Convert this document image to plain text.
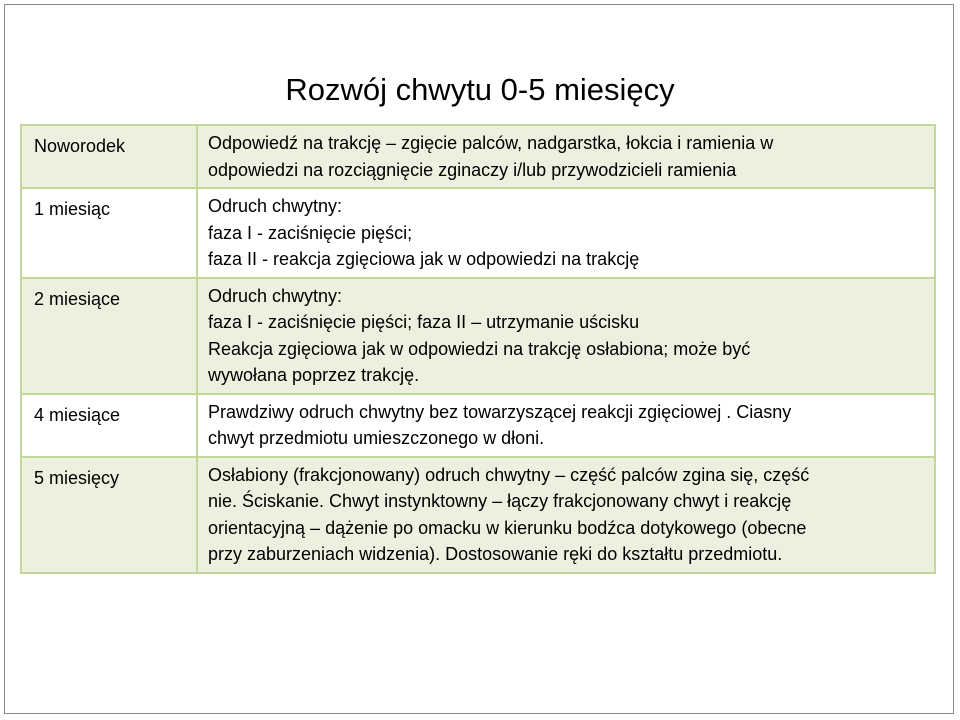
Rozwój chwytu 0-5 miesięcy
Noworodek	Odpowiedź na trakcję – zgięcie palców, nadgarstka, łokcia i ramienia w
odpowiedzi na rozciągnięcie zginaczy i/lub przywodzicieli ramienia

1 miesiąc	Odruch chwytny:
faza I - zaciśnięcie pięści;
faza II - reakcja zgięciowa jak w odpowiedzi na trakcję

2 miesiące	Odruch chwytny:
faza I - zaciśnięcie pięści; faza II – utrzymanie uścisku
Reakcja zgięciowa jak w odpowiedzi na trakcję osłabiona; może być
wywołana poprzez trakcję.

4 miesiące	Prawdziwy odruch chwytny bez towarzyszącej reakcji zgięciowej . Ciasny
chwyt przedmiotu umieszczonego w dłoni.

5 miesięcy	Osłabiony (frakcjonowany) odruch chwytny – część palców zgina się, część
nie. Ściskanie. Chwyt instynktowny – łączy frakcjonowany chwyt i reakcję
orientacyjną – dążenie po omacku w kierunku bodźca dotykowego (obecne
przy zaburzeniach widzenia). Dostosowanie ręki do kształtu przedmiotu.
